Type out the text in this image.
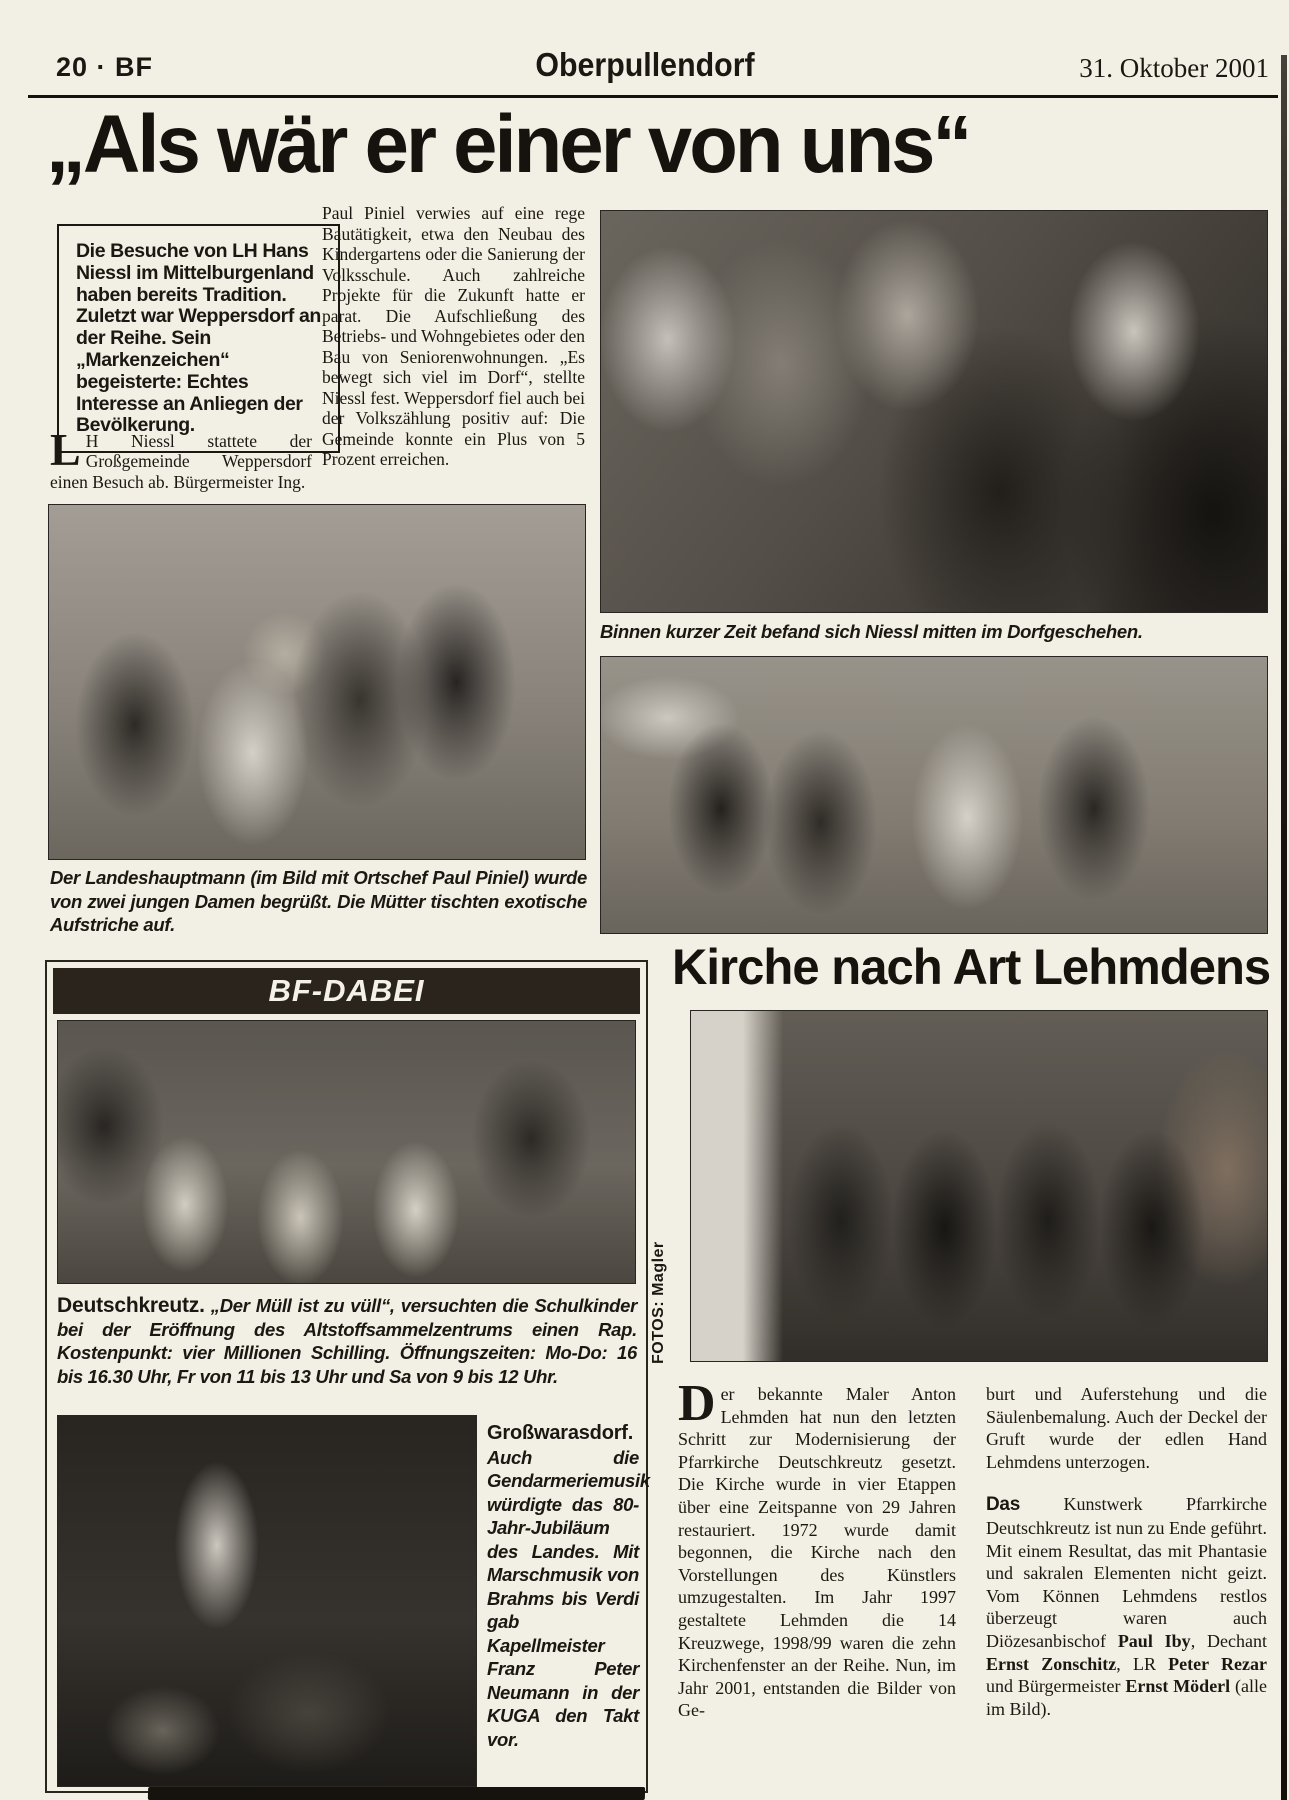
20 · BF	Oberpullendorf	31. Oktober 2001
„Als wär er einer von uns“
Die Besuche von LH Hans Niessl im Mittelburgenland haben bereits Tradition. Zuletzt war Weppersdorf an der Reihe. Sein „Markenzeichen“ begeisterte: Echtes Interesse an Anliegen der Bevölkerung.
L H Niessl stattete der Großgemeinde Weppersdorf einen Besuch ab. Bürgermeister Ing.
Paul Piniel verwies auf eine rege Bautätigkeit, etwa den Neubau des Kindergartens oder die Sanierung der Volksschule. Auch zahlreiche Projekte für die Zukunft hatte er parat. Die Aufschließung des Betriebs- und Wohngebietes oder den Bau von Seniorenwohnungen. „Es bewegt sich viel im Dorf“, stellte Niessl fest. Weppersdorf fiel auch bei der Volkszählung positiv auf: Die Gemeinde konnte ein Plus von 5 Prozent erreichen.
Binnen kurzer Zeit befand sich Niessl mitten im Dorfgeschehen.
Der Landeshauptmann (im Bild mit Ortschef Paul Piniel) wurde von zwei jungen Damen begrüßt. Die Mütter tischten exotische Aufstriche auf.
BF-DABEI
Deutschkreutz. „Der Müll ist zu vüll“, versuchten die Schulkinder bei der Eröffnung des Altstoffsammelzentrums einen Rap. Kostenpunkt: vier Millionen Schilling. Öffnungszeiten: Mo-Do: 16 bis 16.30 Uhr, Fr von 11 bis 13 Uhr und Sa von 9 bis 12 Uhr.
Großwarasdorf. Auch die Gendarmeriemusik würdigte das 80-Jahr-Jubiläum des Landes. Mit Marschmusik von Brahms bis Verdi gab Kapellmeister Franz Peter Neumann in der KUGA den Takt vor.
Kirche nach Art Lehmdens
FOTOS: Magler
Der bekannte Maler Anton Lehmden hat nun den letzten Schritt zur Modernisierung der Pfarrkirche Deutschkreutz gesetzt. Die Kirche wurde in vier Etappen über eine Zeitspanne von 29 Jahren restauriert. 1972 wurde damit begonnen, die Kirche nach den Vorstellungen des Künstlers umzugestalten. Im Jahr 1997 gestaltete Lehmden die 14 Kreuzwege, 1998/99 waren die zehn Kirchenfenster an der Reihe. Nun, im Jahr 2001, entstanden die Bilder von Ge-

burt und Auferstehung und die Säulenbemalung. Auch der Deckel der Gruft wurde der edlen Hand Lehmdens unterzogen.

Das Kunstwerk Pfarrkirche Deutschkreutz ist nun zu Ende geführt. Mit einem Resultat, das mit Phantasie und sakralen Elementen nicht geizt. Vom Können Lehmdens restlos überzeugt waren auch Diözesanbischof Paul Iby, Dechant Ernst Zonschitz, LR Peter Rezar und Bürgermeister Ernst Möderl (alle im Bild).
